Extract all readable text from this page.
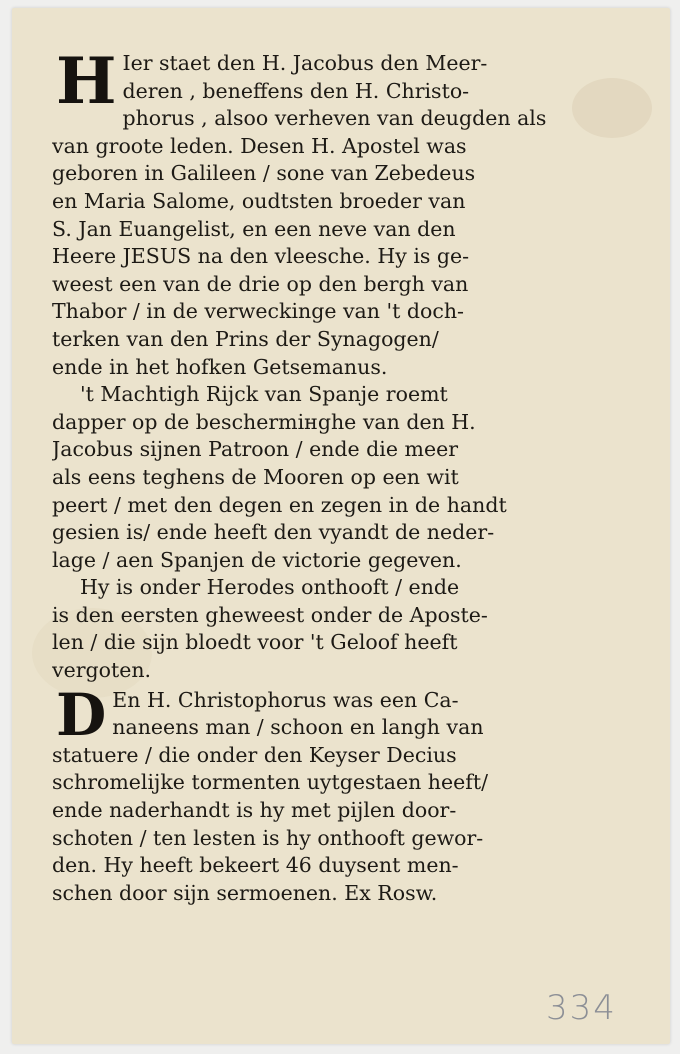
H Ier staet den H. Jacobus den Meer-
deren , beneffens den H. Christo-
phorus , alsoo verheven van deugden als
van groote leden. Desen H. Apostel was
geboren in Galileen / sone van Zebedeus
en Maria Salome, oudtsten broeder van
S. Jan Euangelist, en een neve van den
Heere JESUS na den vleesche. Hy is ge-
weest een van de drie op den bergh van
Thabor / in de verweckinge van 't doch-
terken van den Prins der Synagogen/
ende in het hofken Getsemanus.
't Machtigh Rijck van Spanje roemt
dapper op de beschermінghe van den H.
Jacobus sijnen Patroon / ende die meer
als eens teghens de Mooren op een wit
peert / met den degen en zegen in de handt
gesien is/ ende heeft den vyandt de neder-
lage / aen Spanjen de victorie gegeven.
Hy is onder Herodes onthooft / ende
is den eersten gheweest onder de Apostе-
len / die sijn bloedt voor 't Geloof heeft
vergoten.
D En H. Christophorus was een Ca-
naneens man / schoon en langh van
statuere / die onder den Keyser Decius
schromelijke tormenten uytgestaen heeft/
ende naderhandt is hy met pijlen door-
schoten / ten lesten is hy onthooft gewor-
den. Hy heeft bekeert 46 duysent men-
schen door sijn sermoenen. Ex Rosw.
334
